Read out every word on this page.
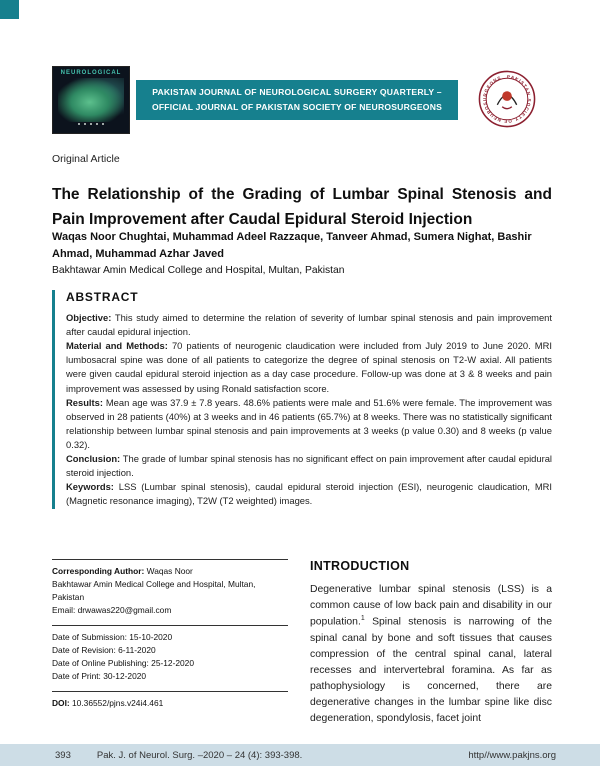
NEUROLOGICAL
PAKISTAN JOURNAL OF NEUROLOGICAL SURGERY QUARTERLY –
OFFICIAL JOURNAL OF PAKISTAN SOCIETY OF NEUROSURGEONS
PAKISTAN SOCIETY OF NEUROSURGEONS
Original Article
The Relationship of the Grading of Lumbar Spinal Stenosis and Pain Improvement after Caudal Epidural Steroid Injection

Waqas Noor Chughtai, Muhammad Adeel Razzaque, Tanveer Ahmad, Sumera Nighat, Bashir Ahmad, Muhammad Azhar Javed

Bakhtawar Amin Medical College and Hospital, Multan, Pakistan

ABSTRACT

Objective: This study aimed to determine the relation of severity of lumbar spinal stenosis and pain improvement after caudal epidural injection.

Material and Methods: 70 patients of neurogenic claudication were included from July 2019 to June 2020. MRI lumbosacral spine was done of all patients to categorize the degree of spinal stenosis on T2-W axial. All patients were given caudal epidural steroid injection as a day case procedure. Follow-up was done at 3 & 8 weeks and pain improvement was assessed by using Ronald satisfaction score.

Results: Mean age was 37.9 ± 7.8 years. 48.6% patients were male and 51.6% were female. The improvement was observed in 28 patients (40%) at 3 weeks and in 46 patients (65.7%) at 8 weeks. There was no statistically significant relationship between lumbar spinal stenosis and pain improvements at 3 weeks (p value 0.30) and 8 weeks (p value 0.32).

Conclusion: The grade of lumbar spinal stenosis has no significant effect on pain improvement after caudal epidural steroid injection.

Keywords: LSS (Lumbar spinal stenosis), caudal epidural steroid injection (ESI), neurogenic claudication, MRI (Magnetic resonance imaging), T2W (T2 weighted) images.

Corresponding Author: Waqas Noor

Bakhtawar Amin Medical College and Hospital, Multan, Pakistan

Email: drwawas220@gmail.com

Date of Submission: 15-10-2020

Date of Revision: 6-11-2020

Date of Online Publishing: 25-12-2020

Date of Print: 30-12-2020

DOI: 10.36552/pjns.v24i4.461

INTRODUCTION

Degenerative lumbar spinal stenosis (LSS) is a common cause of low back pain and disability in our population.$^1$ Spinal stenosis is narrowing of the spinal canal by bone and soft tissues that causes compression of the central spinal canal, lateral recesses and intervertebral foramina. As far as pathophysiology is concerned, there are degenerative changes in the lumbar spine like disc degeneration, spondylosis, facet joint

393	Pak. J. of Neurol. Surg. –2020 – 24 (4): 393-398.	http//www.pakjns.org
